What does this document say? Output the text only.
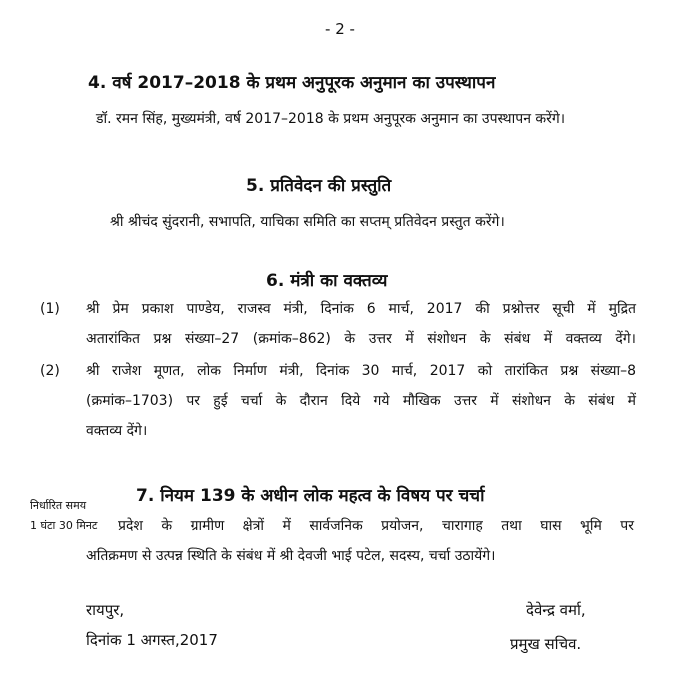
- 2 -
4. वर्ष 2017–2018 के प्रथम अनुपूरक अनुमान का उपस्थापन
डॉ. रमन सिंह, मुख्यमंत्री, वर्ष 2017–2018 के प्रथम अनुपूरक अनुमान का उपस्थापन करेंगे।
5. प्रतिवेदन की प्रस्तुति
श्री श्रीचंद सुंदरानी, सभापति, याचिका समिति का सप्तम् प्रतिवेदन प्रस्तुत करेंगे।
6. मंत्री का वक्तव्य
(1) श्री प्रेम प्रकाश पाण्डेय, राजस्व मंत्री, दिनांक 6 मार्च, 2017 की प्रश्नोत्तर सूची में मुद्रित
अतारांकित प्रश्न संख्या–27 (क्रमांक–862) के उत्तर में संशोधन के संबंध में वक्तव्य देंगे।
(2) श्री राजेश मूणत, लोक निर्माण मंत्री, दिनांक 30 मार्च, 2017 को तारांकित प्रश्न संख्या–8
(क्रमांक–1703) पर हुई चर्चा के दौरान दिये गये मौखिक उत्तर में संशोधन के संबंध में
वक्तव्य देंगे।
निर्धारित समय
1 घंटा 30 मिनट
7. नियम 139 के अधीन लोक महत्व के विषय पर चर्चा
प्रदेश के ग्रामीण क्षेत्रों में सार्वजनिक प्रयोजन, चारागाह तथा घास भूमि पर
अतिक्रमण से उत्पन्न स्थिति के संबंध में श्री देवजी भाई पटेल, सदस्य, चर्चा उठायेंगे।
रायपुर,
दिनांक 1 अगस्त,2017
देवेन्द्र वर्मा,
प्रमुख सचिव.
